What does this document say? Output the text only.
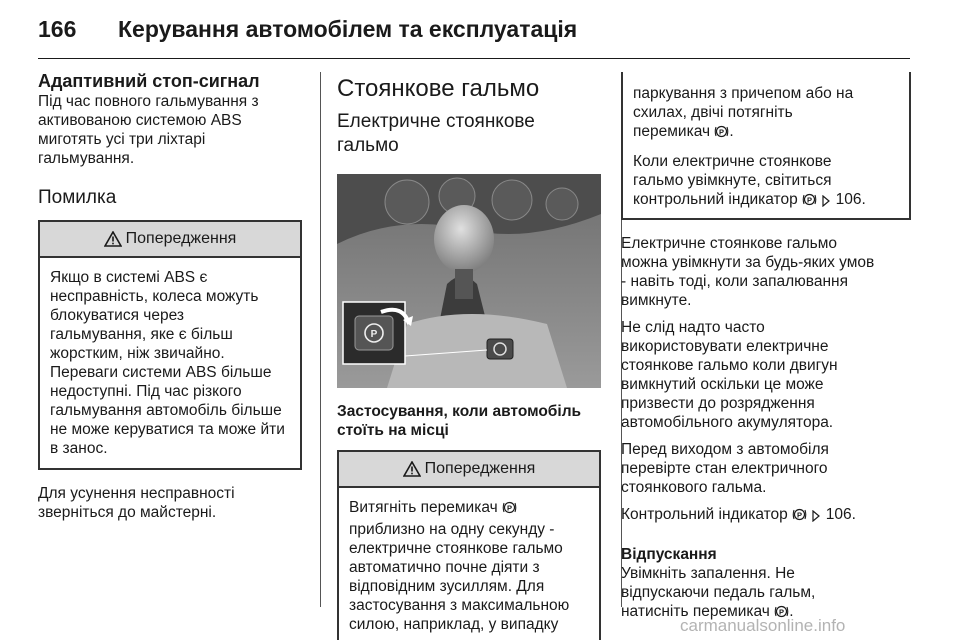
166 Керування автомобілем та експлуатація
Адаптивний стоп-сигнал
Під час повного гальмування з
активованою системою ABS
миготять усі три ліхтарі
гальмування.
Помилка
Попередження
Якщо в системі ABS є
несправність, колеса можуть
блокуватися через
гальмування, яке є більш
жорстким, ніж звичайно.
Переваги системи ABS більше
недоступні. Під час різкого
гальмування автомобіль більше
не може керуватися та може йти
в занос.
Для усунення несправності
зверніться до майстерні.
Стоянкове гальмо
Електричне стоянкове гальмо
P
Застосування, коли автомобіль
стоїть на місці
Попередження
Витягніть перемикач P

приблизно на одну секунду -
електричне стоянкове гальмо
автоматично почне діяти з
відповідним зусиллям. Для
застосування з максимальною
силою, наприклад, у випадку
паркування з причепом або на
схилах, двічі потягніть
перемикач P .
Коли електричне стоянкове
гальмо увімкнуте, світиться
контрольний індикатор P 106.
Електричне стоянкове гальмо
можна увімкнути за будь-яких умов
- навіть тоді, коли запалювання
вимкнуте.
Не слід надто часто
використовувати електричне
стоянкове гальмо коли двигун
вимкнутий оскільки це може
призвести до розрядження
автомобільного акумулятора.
Перед виходом з автомобіля
перевірте стан електричного
стоянкового гальма.
Контрольний індикатор P 106.
Відпускання
Увімкніть запалення. Не
відпускаючи педаль гальм,
натисніть перемикач P .
carmanualsonline.info
